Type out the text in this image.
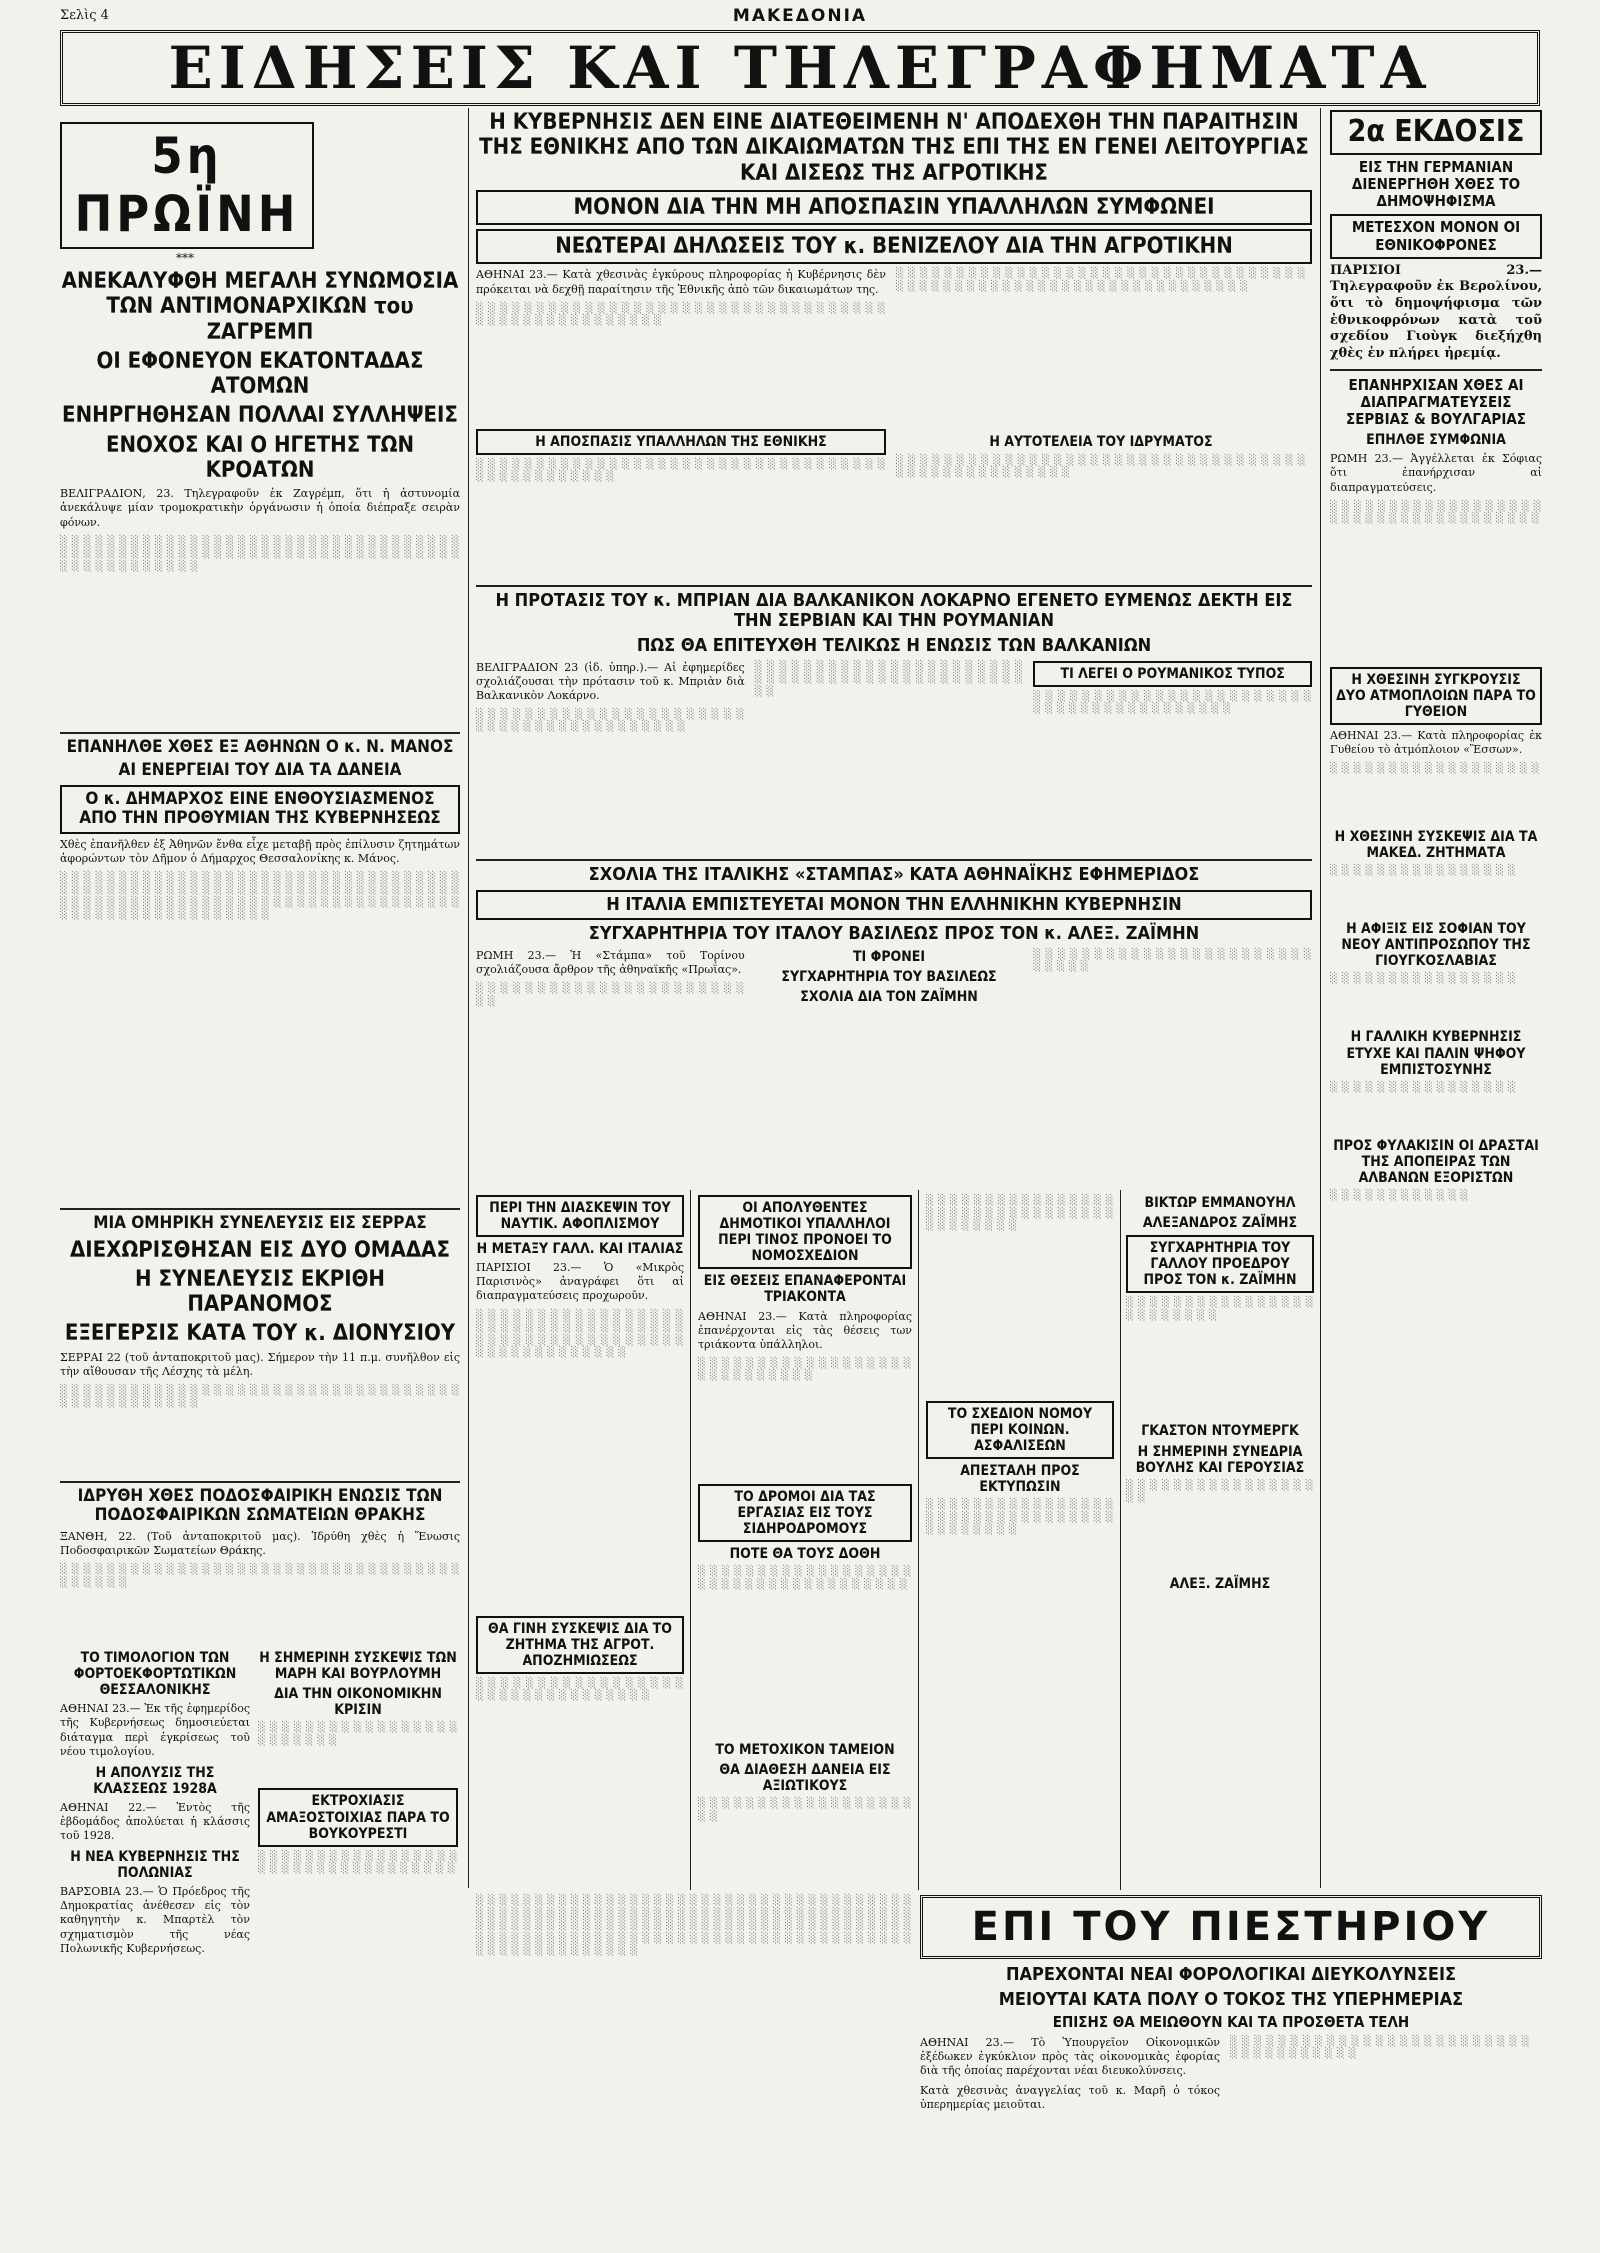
Σελὶς 4	ΜΑΚΕΔΟΝΙΑ
ΕΙΔΗΣΕΙΣ ΚΑΙ ΤΗΛΕΓΡΑΦΗΜΑΤΑ
5η ΠΡΩΪΝΗ
***
ΑΝΕΚΑΛΥΦΘΗ ΜΕΓΑΛΗ ΣΥΝΩΜΟΣΙΑ ΤΩΝ ΑΝΤΙΜΟΝΑΡΧΙΚΩΝ του ΖΑΓΡΕΜΠ
ΟΙ ΕΦΟΝΕΥΟΝ ΕΚΑΤΟΝΤΑΔΑΣ ΑΤΟΜΩΝ
ΕΝΗΡΓΗΘΗΣΑΝ ΠΟΛΛΑΙ ΣΥΛΛΗΨΕΙΣ
ΕΝΟΧΟΣ ΚΑΙ Ο ΗΓΕΤΗΣ ΤΩΝ ΚΡΟΑΤΩΝ

ΒΕΛΙΓΡΑΔΙΟΝ, 23. Τηλεγραφοῦν ἐκ Ζαγρέμπ, ὅτι ἡ ἀστυνομία ἀνεκάλυψε μίαν τρομοκρατικὴν ὀργάνωσιν ἡ ὁποία διέπραξε σειρὰν φόνων.

░ ░ ░ ░ ░ ░ ░ ░ ░ ░ ░ ░ ░ ░ ░ ░ ░ ░ ░ ░ ░ ░ ░ ░ ░ ░ ░ ░ ░ ░ ░ ░ ░ ░ ░ ░ ░ ░ ░ ░ ░ ░ ░ ░ ░ ░ ░ ░ ░ ░ ░ ░ ░ ░ ░ ░ ░ ░ ░ ░ ░ ░ ░ ░ ░ ░ ░ ░ ░ ░ ░ ░ ░ ░ ░ ░ ░ ░ ░ ░
ΕΠΑΝΗΛΘΕ ΧΘΕΣ ΕΞ ΑΘΗΝΩΝ Ο κ. Ν. ΜΑΝΟΣ
ΑΙ ΕΝΕΡΓΕΙΑΙ ΤΟΥ ΔΙΑ ΤΑ ΔΑΝΕΙΑ
Ο κ. ΔΗΜΑΡΧΟΣ ΕΙΝΕ ΕΝΘΟΥΣΙΑΣΜΕΝΟΣ ΑΠΟ ΤΗΝ ΠΡΟΘΥΜΙΑΝ ΤΗΣ ΚΥΒΕΡΝΗΣΕΩΣ

Χθὲς ἐπανῆλθεν ἐξ Ἀθηνῶν ἔνθα εἶχε μεταβῇ πρὸς ἐπίλυσιν ζητημάτων ἀφορώντων τὸν Δῆμον ὁ Δήμαρχος Θεσσαλονίκης κ. Μάνος.

░ ░ ░ ░ ░ ░ ░ ░ ░ ░ ░ ░ ░ ░ ░ ░ ░ ░ ░ ░ ░ ░ ░ ░ ░ ░ ░ ░ ░ ░ ░ ░ ░ ░ ░ ░ ░ ░ ░ ░ ░ ░ ░ ░ ░ ░ ░ ░ ░ ░ ░ ░ ░ ░ ░ ░ ░ ░ ░ ░ ░ ░ ░ ░ ░ ░ ░ ░ ░ ░ ░ ░ ░ ░ ░ ░ ░ ░ ░ ░ ░ ░ ░ ░ ░ ░ ░ ░ ░ ░ ░ ░ ░ ░ ░ ░ ░ ░ ░ ░ ░ ░ ░ ░ ░ ░ ░ ░ ░ ░ ░ ░ ░ ░ ░ ░ ░ ░ ░ ░
ΜΙΑ ΟΜΗΡΙΚΗ ΣΥΝΕΛΕΥΣΙΣ ΕΙΣ ΣΕΡΡΑΣ
ΔΙΕΧΩΡΙΣΘΗΣΑΝ ΕΙΣ ΔΥΟ ΟΜΑΔΑΣ
Η ΣΥΝΕΛΕΥΣΙΣ ΕΚΡΙΘΗ ΠΑΡΑΝΟΜΟΣ
ΕΞΕΓΕΡΣΙΣ ΚΑΤΑ ΤΟΥ κ. ΔΙΟΝΥΣΙΟΥ

ΣΕΡΡΑΙ 22 (τοῦ ἀνταποκριτοῦ μας). Σήμερον τὴν 11 π.μ. συνῆλθον εἰς τὴν αἴθουσαν τῆς Λέσχης τὰ μέλη.

░ ░ ░ ░ ░ ░ ░ ░ ░ ░ ░ ░ ░ ░ ░ ░ ░ ░ ░ ░ ░ ░ ░ ░ ░ ░ ░ ░ ░ ░ ░ ░ ░ ░ ░ ░ ░ ░ ░ ░ ░ ░ ░ ░ ░ ░
ΙΔΡΥΘΗ ΧΘΕΣ ΠΟΔΟΣΦΑΙΡΙΚΗ ΕΝΩΣΙΣ ΤΩΝ ΠΟΔΟΣΦΑΙΡΙΚΩΝ ΣΩΜΑΤΕΙΩΝ ΘΡΑΚΗΣ

ΞΑΝΘΗ, 22. (Τοῦ ἀνταποκριτοῦ μας). Ἱδρύθη χθὲς ἡ Ἕνωσις Ποδοσφαιρικῶν Σωματείων Θράκης.

░ ░ ░ ░ ░ ░ ░ ░ ░ ░ ░ ░ ░ ░ ░ ░ ░ ░ ░ ░ ░ ░ ░ ░ ░ ░ ░ ░ ░ ░ ░ ░ ░ ░ ░ ░ ░ ░ ░ ░
ΤΟ ΤΙΜΟΛΟΓΙΟΝ ΤΩΝ ΦΟΡΤΟΕΚΦΟΡΤΩΤΙΚΩΝ ΘΕΣΣΑΛΟΝΙΚΗΣ

ΑΘΗΝΑΙ 23.— Ἐκ τῆς ἐφημερίδος τῆς Κυβερνήσεως δημοσιεύεται διάταγμα περὶ ἐγκρίσεως τοῦ νέου τιμολογίου.

Η ΑΠΟΛΥΣΙΣ ΤΗΣ ΚΛΑΣΣΕΩΣ 1928Α

ΑΘΗΝΑΙ 22.— Ἐντὸς τῆς ἑβδομάδος ἀπολύεται ἡ κλάσσις τοῦ 1928.

Η ΝΕΑ ΚΥΒΕΡΝΗΣΙΣ ΤΗΣ ΠΟΛΩΝΙΑΣ

ΒΑΡΣΟΒΙΑ 23.— Ὁ Πρόεδρος τῆς Δημοκρατίας ἀνέθεσεν εἰς τὸν καθηγητὴν κ. Μπαρτὲλ τὸν σχηματισμὸν τῆς νέας Πολωνικῆς Κυβερνήσεως.

Η ΣΗΜΕΡΙΝΗ ΣΥΣΚΕΨΙΣ ΤΩΝ ΜΑΡΗ ΚΑΙ ΒΟΥΡΛΟΥΜΗ
ΔΙΑ ΤΗΝ ΟΙΚΟΝΟΜΙΚΗΝ ΚΡΙΣΙΝ
░ ░ ░ ░ ░ ░ ░ ░ ░ ░ ░ ░ ░ ░ ░ ░ ░ ░ ░ ░ ░ ░ ░ ░
ΕΚΤΡΟΧΙΑΣΙΣ ΑΜΑΞΟΣΤΟΙΧΙΑΣ ΠΑΡΑ ΤΟ ΒΟΥΚΟΥΡΕΣΤΙ
░ ░ ░ ░ ░ ░ ░ ░ ░ ░ ░ ░ ░ ░ ░ ░ ░ ░ ░ ░ ░ ░ ░ ░ ░ ░ ░ ░ ░ ░ ░ ░ ░ ░
Η ΚΥΒΕΡΝΗΣΙΣ ΔΕΝ ΕΙΝΕ ΔΙΑΤΕΘΕΙΜΕΝΗ Ν' ΑΠΟΔΕΧΘΗ ΤΗΝ ΠΑΡΑΙΤΗΣΙΝ ΤΗΣ ΕΘΝΙΚΗΣ ΑΠΟ ΤΩΝ ΔΙΚΑΙΩΜΑΤΩΝ ΤΗΣ ΕΠΙ ΤΗΣ ΕΝ ΓΕΝΕΙ ΛΕΙΤΟΥΡΓΙΑΣ ΚΑΙ ΔΙΣΕΩΣ ΤΗΣ ΑΓΡΟΤΙΚΗΣ
ΜΟΝΟΝ ΔΙΑ ΤΗΝ ΜΗ ΑΠΟΣΠΑΣΙΝ ΥΠΑΛΛΗΛΩΝ ΣΥΜΦΩΝΕΙ
ΝΕΩΤΕΡΑΙ ΔΗΛΩΣΕΙΣ ΤΟΥ κ. ΒΕΝΙΖΕΛΟΥ ΔΙΑ ΤΗΝ ΑΓΡΟΤΙΚΗΝ

ΑΘΗΝΑΙ 23.— Κατὰ χθεσινὰς ἐγκύρους πληροφορίας ἡ Κυβέρνησις δὲν πρόκειται νὰ δεχθῇ παραίτησιν τῆς Ἐθνικῆς ἀπὸ τῶν δικαιωμάτων της.

░ ░ ░ ░ ░ ░ ░ ░ ░ ░ ░ ░ ░ ░ ░ ░ ░ ░ ░ ░ ░ ░ ░ ░ ░ ░ ░ ░ ░ ░ ░ ░ ░ ░ ░ ░ ░ ░ ░ ░ ░ ░ ░ ░ ░ ░ ░ ░ ░ ░
Η ΑΠΟΣΠΑΣΙΣ ΥΠΑΛΛΗΛΩΝ ΤΗΣ ΕΘΝΙΚΗΣ
░ ░ ░ ░ ░ ░ ░ ░ ░ ░ ░ ░ ░ ░ ░ ░ ░ ░ ░ ░ ░ ░ ░ ░ ░ ░ ░ ░ ░ ░ ░ ░ ░ ░ ░ ░ ░ ░ ░ ░ ░ ░ ░ ░ ░ ░
░ ░ ░ ░ ░ ░ ░ ░ ░ ░ ░ ░ ░ ░ ░ ░ ░ ░ ░ ░ ░ ░ ░ ░ ░ ░ ░ ░ ░ ░ ░ ░ ░ ░ ░ ░ ░ ░ ░ ░ ░ ░ ░ ░ ░ ░ ░ ░ ░ ░ ░ ░ ░ ░ ░ ░ ░ ░ ░ ░ ░ ░ ░ ░
Η ΑΥΤΟΤΕΛΕΙΑ ΤΟΥ ΙΔΡΥΜΑΤΟΣ
░ ░ ░ ░ ░ ░ ░ ░ ░ ░ ░ ░ ░ ░ ░ ░ ░ ░ ░ ░ ░ ░ ░ ░ ░ ░ ░ ░ ░ ░ ░ ░ ░ ░ ░ ░ ░ ░ ░ ░ ░ ░ ░ ░ ░ ░ ░ ░ ░
Η ΠΡΟΤΑΣΙΣ ΤΟΥ κ. ΜΠΡΙΑΝ ΔΙΑ ΒΑΛΚΑΝΙΚΟΝ ΛΟΚΑΡΝΟ ΕΓΕΝΕΤΟ ΕΥΜΕΝΩΣ ΔΕΚΤΗ ΕΙΣ ΤΗΝ ΣΕΡΒΙΑΝ ΚΑΙ ΤΗΝ ΡΟΥΜΑΝΙΑΝ
ΠΩΣ ΘΑ ΕΠΙΤΕΥΧΘΗ ΤΕΛΙΚΩΣ Η ΕΝΩΣΙΣ ΤΩΝ ΒΑΛΚΑΝΙΩΝ

ΒΕΛΙΓΡΑΔΙΟΝ 23 (ἰδ. ὑπηρ.).— Αἱ ἐφημερίδες σχολιάζουσαι τὴν πρότασιν τοῦ κ. Μπριὰν διὰ Βαλκανικὸν Λοκάρνο.

░ ░ ░ ░ ░ ░ ░ ░ ░ ░ ░ ░ ░ ░ ░ ░ ░ ░ ░ ░ ░ ░ ░ ░ ░ ░ ░ ░ ░ ░ ░ ░ ░ ░ ░ ░ ░ ░ ░ ░
░ ░ ░ ░ ░ ░ ░ ░ ░ ░ ░ ░ ░ ░ ░ ░ ░ ░ ░ ░ ░ ░ ░ ░ ░ ░ ░ ░ ░ ░ ░ ░ ░ ░ ░ ░ ░ ░ ░ ░ ░ ░ ░ ░ ░ ░
ΤΙ ΛΕΓΕΙ Ο ΡΟΥΜΑΝΙΚΟΣ ΤΥΠΟΣ
░ ░ ░ ░ ░ ░ ░ ░ ░ ░ ░ ░ ░ ░ ░ ░ ░ ░ ░ ░ ░ ░ ░ ░ ░ ░ ░ ░ ░ ░ ░ ░ ░ ░ ░ ░ ░ ░ ░ ░
ΣΧΟΛΙΑ ΤΗΣ ΙΤΑΛΙΚΗΣ «ΣΤΑΜΠΑΣ» ΚΑΤΑ ΑΘΗΝΑΪΚΗΣ ΕΦΗΜΕΡΙΔΟΣ
Η ΙΤΑΛΙΑ ΕΜΠΙΣΤΕΥΕΤΑΙ ΜΟΝΟΝ ΤΗΝ ΕΛΛΗΝΙΚΗΝ ΚΥΒΕΡΝΗΣΙΝ
ΣΥΓΧΑΡΗΤΗΡΙΑ ΤΟΥ ΙΤΑΛΟΥ ΒΑΣΙΛΕΩΣ ΠΡΟΣ ΤΟΝ κ. ΑΛΕΞ. ΖΑΪΜΗΝ

ΡΩΜΗ 23.— Ἡ «Στάμπα» τοῦ Τορίνου σχολιάζουσα ἄρθρον τῆς ἀθηναϊκῆς «Πρωΐας».

░ ░ ░ ░ ░ ░ ░ ░ ░ ░ ░ ░ ░ ░ ░ ░ ░ ░ ░ ░ ░ ░ ░ ░
ΤΙ ΦΡΟΝΕΙ
ΣΥΓΧΑΡΗΤΗΡΙΑ ΤΟΥ ΒΑΣΙΛΕΩΣ
ΣΧΟΛΙΑ ΔΙΑ ΤΟΝ ΖΑΪΜΗΝ
░ ░ ░ ░ ░ ░ ░ ░ ░ ░ ░ ░ ░ ░ ░ ░ ░ ░ ░ ░ ░ ░ ░ ░ ░ ░ ░ ░
ΠΕΡΙ ΤΗΝ ΔΙΑΣΚΕΨΙΝ ΤΟΥ ΝΑΥΤΙΚ. ΑΦΟΠΛΙΣΜΟΥ
Η ΜΕΤΑΞΥ ΓΑΛΛ. ΚΑΙ ΙΤΑΛΙΑΣ

ΠΑΡΙΣΙΟΙ 23.— Ὁ «Μικρὸς Παρισινὸς» ἀναγράφει ὅτι αἱ διαπραγματεύσεις προχωροῦν.

░ ░ ░ ░ ░ ░ ░ ░ ░ ░ ░ ░ ░ ░ ░ ░ ░ ░ ░ ░ ░ ░ ░ ░ ░ ░ ░ ░ ░ ░ ░ ░ ░ ░ ░ ░ ░ ░ ░ ░ ░ ░ ░ ░ ░ ░ ░ ░ ░ ░ ░ ░ ░ ░ ░ ░ ░ ░ ░ ░ ░ ░ ░ ░
ΘΑ ΓΙΝΗ ΣΥΣΚΕΨΙΣ ΔΙΑ ΤΟ ΖΗΤΗΜΑ ΤΗΣ ΑΓΡΟΤ. ΑΠΟΖΗΜΙΩΣΕΩΣ
░ ░ ░ ░ ░ ░ ░ ░ ░ ░ ░ ░ ░ ░ ░ ░ ░ ░ ░ ░ ░ ░ ░ ░ ░ ░ ░ ░ ░ ░ ░ ░
ΟΙ ΑΠΟΛΥΘΕΝΤΕΣ ΔΗΜΟΤΙΚΟΙ ΥΠΑΛΛΗΛΟΙ ΠΕΡΙ ΤΙΝΟΣ ΠΡΟΝΟΕΙ ΤΟ ΝΟΜΟΣΧΕΔΙΟΝ
ΕΙΣ ΘΕΣΕΙΣ ΕΠΑΝΑΦΕΡΟΝΤΑΙ ΤΡΙΑΚΟΝΤΑ

ΑΘΗΝΑΙ 23.— Κατὰ πληροφορίας ἐπανέρχονται εἰς τὰς θέσεις των τριάκοντα ὑπάλληλοι.

░ ░ ░ ░ ░ ░ ░ ░ ░ ░ ░ ░ ░ ░ ░ ░ ░ ░ ░ ░ ░ ░ ░ ░ ░ ░ ░ ░
ΤΟ ΔΡΟΜΟΙ ΔΙΑ ΤΑΣ ΕΡΓΑΣΙΑΣ ΕΙΣ ΤΟΥΣ ΣΙΔΗΡΟΔΡΟΜΟΥΣ
ΠΟΤΕ ΘΑ ΤΟΥΣ ΔΟΘΗ
░ ░ ░ ░ ░ ░ ░ ░ ░ ░ ░ ░ ░ ░ ░ ░ ░ ░ ░ ░ ░ ░ ░ ░ ░ ░ ░ ░ ░ ░ ░ ░ ░ ░ ░ ░
ΤΟ ΜΕΤΟΧΙΚΟΝ ΤΑΜΕΙΟΝ
ΘΑ ΔΙΑΘΕΣΗ ΔΑΝΕΙΑ ΕΙΣ ΑΞΙΩΤΙΚΟΥΣ
░ ░ ░ ░ ░ ░ ░ ░ ░ ░ ░ ░ ░ ░ ░ ░ ░ ░ ░ ░
░ ░ ░ ░ ░ ░ ░ ░ ░ ░ ░ ░ ░ ░ ░ ░ ░ ░ ░ ░ ░ ░ ░ ░ ░ ░ ░ ░ ░ ░ ░ ░ ░ ░ ░ ░ ░ ░ ░ ░
ΤΟ ΣΧΕΔΙΟΝ ΝΟΜΟΥ ΠΕΡΙ ΚΟΙΝΩΝ. ΑΣΦΑΛΙΣΕΩΝ
ΑΠΕΣΤΑΛΗ ΠΡΟΣ ΕΚΤΥΠΩΣΙΝ
░ ░ ░ ░ ░ ░ ░ ░ ░ ░ ░ ░ ░ ░ ░ ░ ░ ░ ░ ░ ░ ░ ░ ░ ░ ░ ░ ░ ░ ░ ░ ░ ░ ░ ░ ░ ░ ░ ░ ░
2α ΕΚΔΟΣΙΣ
ΕΙΣ ΤΗΝ ΓΕΡΜΑΝΙΑΝ ΔΙΕΝΕΡΓΗΘΗ ΧΘΕΣ ΤΟ ΔΗΜΟΨΗΦΙΣΜΑ
ΜΕΤΕΣΧΟΝ ΜΟΝΟΝ ΟΙ ΕΘΝΙΚΟΦΡΟΝΕΣ

ΠΑΡΙΣΙΟΙ 23.— Τηλεγραφοῦν ἐκ Βερολίνου, ὅτι τὸ δημοψήφισμα τῶν ἐθνικοφρόνων κατὰ τοῦ σχεδίου Γιοὺγκ διεξήχθη χθὲς ἐν πλήρει ἠρεμίᾳ.

ΕΠΑΝΗΡΧΙΣΑΝ ΧΘΕΣ ΑΙ ΔΙΑΠΡΑΓΜΑΤΕΥΣΕΙΣ ΣΕΡΒΙΑΣ & ΒΟΥΛΓΑΡΙΑΣ
ΕΠΗΛΘΕ ΣΥΜΦΩΝΙΑ

ΡΩΜΗ 23.— Ἀγγέλλεται ἐκ Σόφιας ὅτι ἐπανήρχισαν αἱ διαπραγματεύσεις.

░ ░ ░ ░ ░ ░ ░ ░ ░ ░ ░ ░ ░ ░ ░ ░ ░ ░ ░ ░ ░ ░ ░ ░ ░ ░ ░ ░ ░ ░ ░ ░ ░ ░ ░ ░
Η ΧΘΕΣΙΝΗ ΣΥΓΚΡΟΥΣΙΣ ΔΥΟ ΑΤΜΟΠΛΟΙΩΝ ΠΑΡΑ ΤΟ ΓΥΘΕΙΟΝ

ΑΘΗΝΑΙ 23.— Κατὰ πληροφορίας ἐκ Γυθείου τὸ ἀτμόπλοιον «Ἕσσων».

░ ░ ░ ░ ░ ░ ░ ░ ░ ░ ░ ░ ░ ░ ░ ░ ░ ░
Η ΧΘΕΣΙΝΗ ΣΥΣΚΕΨΙΣ ΔΙΑ ΤΑ ΜΑΚΕΔ. ΖΗΤΗΜΑΤΑ
░ ░ ░ ░ ░ ░ ░ ░ ░ ░ ░ ░ ░ ░ ░ ░
Η ΑΦΙΞΙΣ ΕΙΣ ΣΟΦΙΑΝ ΤΟΥ ΝΕΟΥ ΑΝΤΙΠΡΟΣΩΠΟΥ ΤΗΣ ΓΙΟΥΓΚΟΣΛΑΒΙΑΣ
░ ░ ░ ░ ░ ░ ░ ░ ░ ░ ░ ░ ░ ░ ░ ░
Η ΓΑΛΛΙΚΗ ΚΥΒΕΡΝΗΣΙΣ ΕΤΥΧΕ ΚΑΙ ΠΑΛΙΝ ΨΗΦΟΥ ΕΜΠΙΣΤΟΣΥΝΗΣ
░ ░ ░ ░ ░ ░ ░ ░ ░ ░ ░ ░ ░ ░ ░ ░
ΠΡΟΣ ΦΥΛΑΚΙΣΙΝ ΟΙ ΔΡΑΣΤΑΙ ΤΗΣ ΑΠΟΠΕΙΡΑΣ ΤΩΝ ΑΛΒΑΝΩΝ ΕΞΟΡΙΣΤΩΝ
░ ░ ░ ░ ░ ░ ░ ░ ░ ░ ░ ░
ΒΙΚΤΩΡ ΕΜΜΑΝΟΥΗΛ
ΑΛΕΞΑΝΔΡΟΣ ΖΑΪΜΗΣ
ΣΥΓΧΑΡΗΤΗΡΙΑ ΤΟΥ ΓΑΛΛΟΥ ΠΡΟΕΔΡΟΥ ΠΡΟΣ ΤΟΝ κ. ΖΑΪΜΗΝ
░ ░ ░ ░ ░ ░ ░ ░ ░ ░ ░ ░ ░ ░ ░ ░ ░ ░ ░ ░ ░ ░ ░ ░
ΓΚΑΣΤΟΝ ΝΤΟΥΜΕΡΓΚ
Η ΣΗΜΕΡΙΝΗ ΣΥΝΕΔΡΙΑ ΒΟΥΛΗΣ ΚΑΙ ΓΕΡΟΥΣΙΑΣ
░ ░ ░ ░ ░ ░ ░ ░ ░ ░ ░ ░ ░ ░ ░ ░ ░ ░
ΑΛΕΞ. ΖΑΪΜΗΣ
ΕΠΙ ΤΟΥ ΠΙΕΣΤΗΡΙΟΥ
ΠΑΡΕΧΟΝΤΑΙ ΝΕΑΙ ΦΟΡΟΛΟΓΙΚΑΙ ΔΙΕΥΚΟΛΥΝΣΕΙΣ
ΜΕΙΟΥΤΑΙ ΚΑΤΑ ΠΟΛΥ Ο ΤΟΚΟΣ ΤΗΣ ΥΠΕΡΗΜΕΡΙΑΣ
ΕΠΙΣΗΣ ΘΑ ΜΕΙΩΘΟΥΝ ΚΑΙ ΤΑ ΠΡΟΣΘΕΤΑ ΤΕΛΗ

ΑΘΗΝΑΙ 23.— Τὸ Ὑπουργεῖον Οἰκονομικῶν ἐξέδωκεν ἐγκύκλιον πρὸς τὰς οἰκονομικὰς ἐφορίας διὰ τῆς ὁποίας παρέχονται νέαι διευκολύνσεις.

Κατὰ χθεσινὰς ἀναγγελίας τοῦ κ. Μαρῆ ὁ τόκος ὑπερημερίας μειοῦται.

░ ░ ░ ░ ░ ░ ░ ░ ░ ░ ░ ░ ░ ░ ░ ░ ░ ░ ░ ░ ░ ░ ░ ░ ░ ░ ░ ░ ░ ░ ░ ░ ░ ░ ░ ░
░ ░ ░ ░ ░ ░ ░ ░ ░ ░ ░ ░ ░ ░ ░ ░ ░ ░ ░ ░ ░ ░ ░ ░ ░ ░ ░ ░ ░ ░ ░ ░ ░ ░ ░ ░ ░ ░ ░ ░ ░ ░ ░ ░ ░ ░ ░ ░ ░ ░ ░ ░ ░ ░ ░ ░ ░ ░ ░ ░ ░ ░ ░ ░ ░ ░ ░ ░ ░ ░ ░ ░ ░ ░ ░ ░ ░ ░ ░ ░ ░ ░ ░ ░ ░ ░ ░ ░ ░ ░ ░ ░ ░ ░ ░ ░ ░ ░ ░ ░ ░ ░ ░ ░ ░ ░ ░ ░ ░ ░ ░ ░ ░ ░ ░ ░ ░ ░ ░ ░ ░ ░ ░ ░ ░ ░ ░ ░ ░ ░ ░ ░ ░ ░ ░ ░ ░ ░ ░ ░ ░ ░ ░ ░ ░ ░ ░ ░ ░ ░ ░ ░ ░ ░ ░ ░ ░ ░ ░ ░ ░ ░
